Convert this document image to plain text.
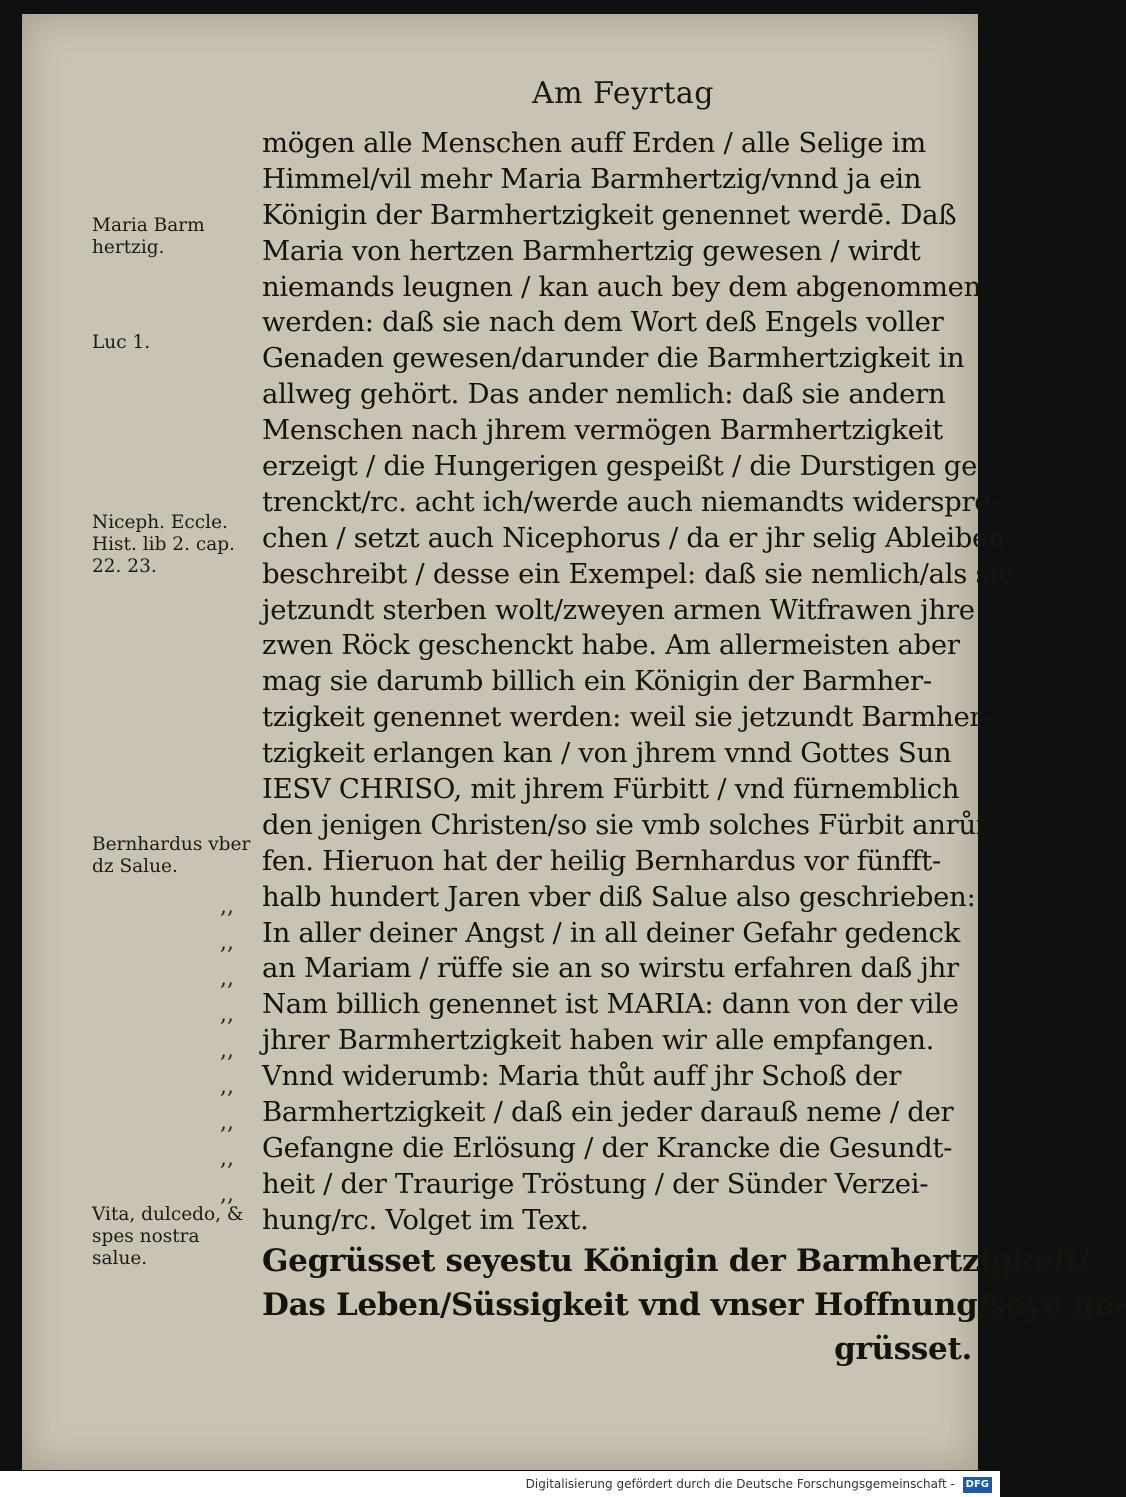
Am Feyrtag
mögen alle Menschen auff Erden / alle Selige im
Himmel/vil mehr Maria Barmhertzig/vnnd ja ein
Königin der Barmhertzigkeit genennet werdē. Daß
Maria von hertzen Barmhertzig gewesen / wirdt
niemands leugnen / kan auch bey dem abgenommen
werden: daß sie nach dem Wort deß Engels voller
Genaden gewesen/darunder die Barmhertzigkeit in
allweg gehört. Das ander nemlich: daß sie andern
Menschen nach jhrem vermögen Barmhertzigkeit
erzeigt / die Hungerigen gespeißt / die Durstigen ge-
trenckt/rc. acht ich/werde auch niemandts widersprę-
chen / setzt auch Nicephorus / da er jhr selig Ableiben
beschreibt / desse ein Exempel: daß sie nemlich/als sie
jetzundt sterben wolt/zweyen armen Witfrawen jhre
zwen Röck geschenckt habe. Am allermeisten aber
mag sie darumb billich ein Königin der Barmher-
tzigkeit genennet werden: weil sie jetzundt Barmher-
tzigkeit erlangen kan / von jhrem vnnd Gottes Sun
IESV CHRISO, mit jhrem Fürbitt / vnd fürnemblich
den jenigen Christen/so sie vmb solches Fürbit anrůf-
fen. Hieruon hat der heilig Bernhardus vor fünfft-
halb hundert Jaren vber diß Salue also geschrieben:
In aller deiner Angst / in all deiner Gefahr gedenck
an Mariam / rüffe sie an so wirstu erfahren daß jhr
Nam billich genennet ist MARIA: dann von der vile
jhrer Barmhertzigkeit haben wir alle empfangen.
Vnnd widerumb: Maria thůt auff jhr Schoß der
Barmhertzigkeit / daß ein jeder darauß neme / der
Gefangne die Erlösung / der Krancke die Gesundt-
heit / der Traurige Tröstung / der Sünder Verzei-
hung/rc. Volget im Text.
Gegrüsset seyestu Königin der Barmhertzigkeit/
Das Leben/Süssigkeit vnd vnser Hoffnung/seye ge-
grüsset.
Maria Barm hertzig.
Luc 1.
Niceph. Eccle. Hist. lib 2. cap. 22. 23.
Bernhardus vber dz Salue.
Vita, dulcedo, & spes nostra salue.
,,
,,
,,
,,
,,
,,
,,
,,
,,
Digitalisierung gefördert durch die Deutsche Forschungsgemeinschaft - DFG
